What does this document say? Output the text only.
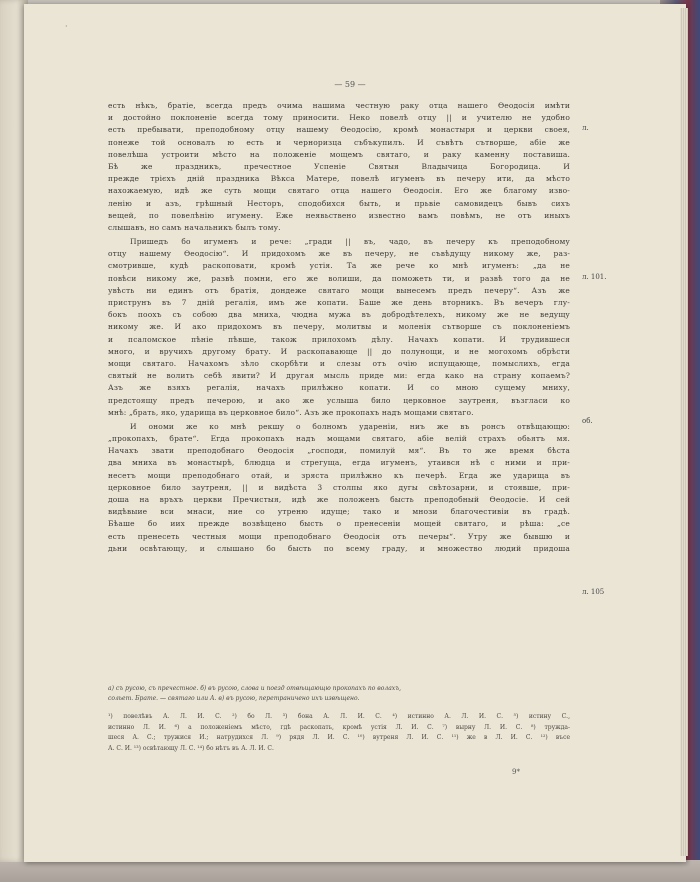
— 59 —
·
есть нѣкъ, братіе, всегда предъ очима нашима честную раку отца нашего Ѳеодосія имѣти
и достойно поклоненіе всегда тому приносити. Неко повелѣ отцу || и учителю не удобно
есть пребывати, преподобному отцу нашему Ѳеодосію, кромѣ монастыря и церкви своея,
понеже той основалъ ю есть и черноризца събъкупилъ. И съвѣтъ сътворше, абіе же
повелѣша устроити мѣсто на положеніе мощемъ святаго, и раку каменну поставиша.
Бѣ же праздникъ, пречестное Успеніе Святыя Владычица Богородица. И
прежде трієхъ дній праздника Вѣкса Матере, повелѣ игуменъ въ печеру ити, да мѣсто
нахожаемую, идѣ же суть мощи святаго отца нашего Ѳеодосія. Его же благому изво-
ленію и азъ, грѣшный Несторъ, сподобихся быть, и прьвіе самовидецъ бывъ сихъ
вещей, по повелѣнію игумену. Еже неявьствено известно вамъ повѣмъ, не отъ иныхъ
слышавъ, но самъ начальникъ былъ тому.
Пришедъ бо игуменъ и рече: „гради || въ, чадо, въ печеру къ преподобному
отцу нашему Ѳеодосію“. И придохомъ же въ печеру, не съвѣдущу никому же, раз-
смотривше, кудѣ раскоповати, кромѣ устія. Та же рече ко мнѣ игуменъ: „да не
повѣси никому же, развѣ помни, его же волиши, да поможеть ти, и развѣ того да не
увѣсть ни единъ отъ братія, дондеже святаго мощи вынесемъ предъ печеру“. Азъ же
приструнъ въ 7 дній регалія, имъ же копати. Баше же день вторникъ. Въ вечеръ глу-
бокъ поохъ съ собою два мниха, чюдна мужа въ добродѣтелехъ, никому же не ведущу
никому же. И ако придохомъ въ печеру, молитвы и моленія сътворше съ поклоненіемъ
и псаломское пѣніе пѣвше, також прилохомъ дѣлу. Начахъ копати. И трудившеся
много, и вручихъ другому брату. И раскопавающе || до полунощи, и не могохомъ обрѣсти
мощи святаго. Начахомъ зѣло скорбѣти и слезы отъ очію испущающе, помыслихъ, егда
святый не волить себѣ явити? И другая мысль приде ми: егда како на страну копаемъ?
Азъ же взяхъ регалія, начахъ прилѣжно копати. И со мною сущему мниху,
предстоящу предъ печерою, и ако же услыша било церковное заутреня, възгласи ко
мнѣ: „брать, яко, ударища въ церковное било“. Азъ же прокопахъ надъ мощами святаго.
И ономи же ко мнѣ рекшу о болномъ ударенiи, ниъ же въ ронсъ отвѣщающю:
„прокопахъ, брате“. Егда прокопахъ надъ мощами святаго, абіе велій страхъ обьятъ мя.
Начахъ звати преподобнаго Ѳеодосія „господи, помилуй мя“. Въ то же время бѣста
два мниха въ монастырѣ, блюдца и стрегуща, егда игуменъ, утаився нѣ с ними и при-
несетъ мощи преподобнаго отай, и зряста прилѣжно къ печерѣ. Егда же ударища въ
церковное било заутреня, || и видѣста 3 столпы яко дугы свѣтозарни, и стоявше, при-
доша на връхъ церкви Пречистыя, идѣ же положенъ бысть преподобный Ѳеодосіе. И сей
видѣвыие вси мнаси, ние со утреню идуще; тако и мнози благочестивіи въ градѣ.
Бѣаше бо иих прежде возвѣщено бысть о пренесеніи мощей святаго, и рѣша: „се
есть пренесеть честныя мощи преподобнаго Ѳеодосія отъ печеры“. Утру же бывшю и
дьни освѣтающу, и слышано бо бысть по всему граду, и множество людий придоша
л.
л. 101.
об.
л. 105
а) съ русою, съ пречестное. б) въ русою, слова и поезд отвѣщающю прокопахъ по волахъ,
сольет. Брате. — святаго или А. в) въ русою, перетраничено ихъ извѣщено.
¹) повелѣвъ А. Л. И. С. ²) бо Л. ³) бона А. Л. И. С. ⁴) истинно А. Л. И. С. ⁵) истину С.,
истинно Л. И. ⁶) а положеніемъ мѣсто, гдѣ раскопать, кромѣ устія Л. И. С. ⁷) вырну Л. И. С. ⁸) тружда-
шеся А. С.; тружися И.; натрудихся Л. ⁹) рядя Л. И. С. ¹⁰) вутреня Л. И. С. ¹¹) же в Л. И. С. ¹²) въсе
А. С. И. ¹³) освѣтающу Л. С. ¹⁴) бо нѣтъ въ А. Л. И. С.
9*
